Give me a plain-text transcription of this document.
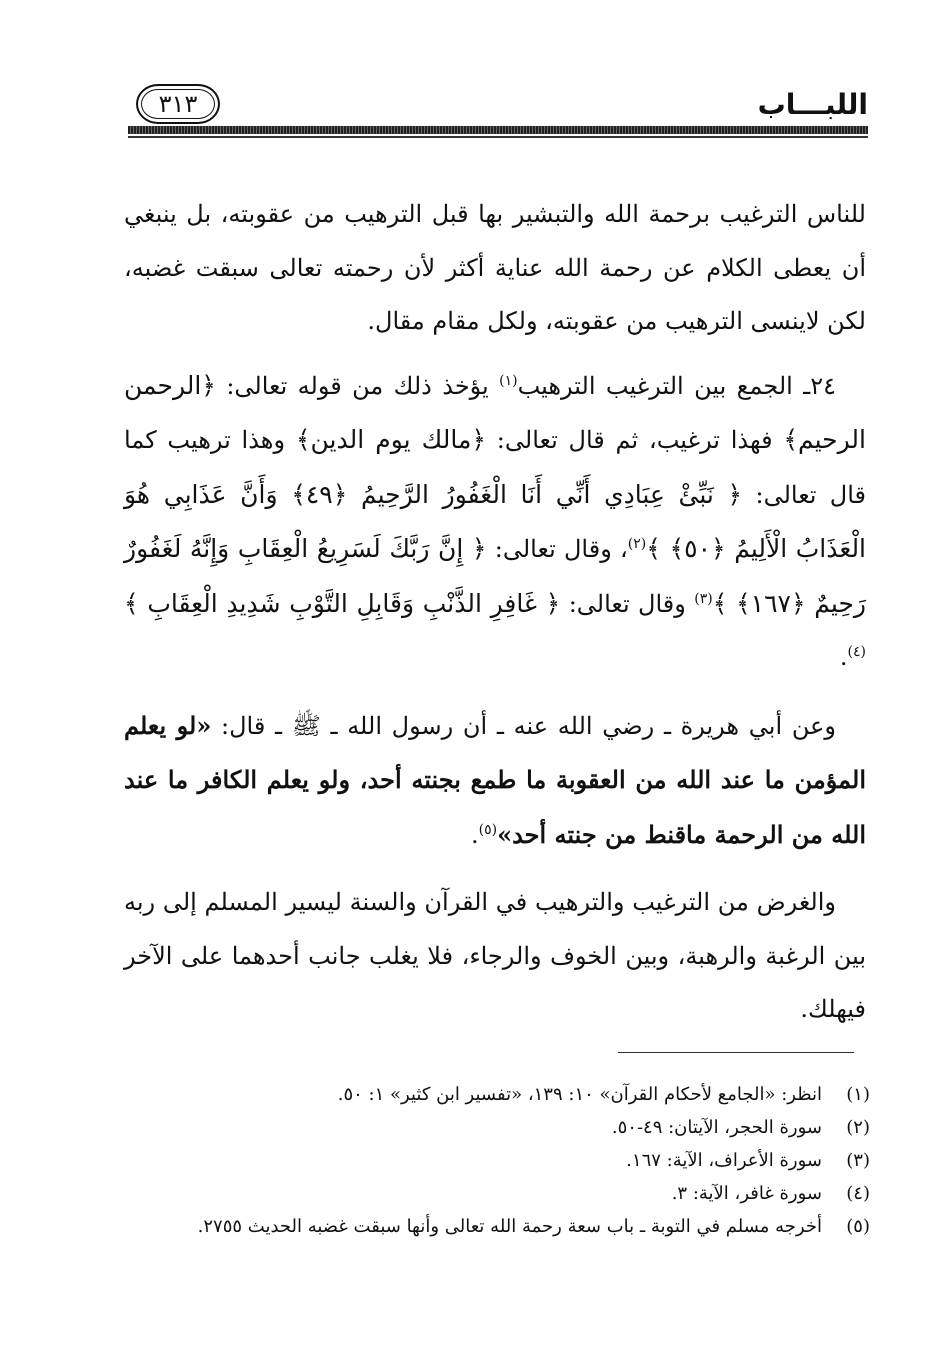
اللبـــاب
٣١٣

للناس الترغيب برحمة الله والتبشير بها قبل الترهيب من عقوبته، بل ينبغي أن يعطى الكلام عن رحمة الله عناية أكثر لأن رحمته تعالى سبقت غضبه، لكن لاينسى الترهيب من عقوبته، ولكل مقام مقال.

٢٤ـ الجمع بين الترغيب الترهيب$^{(١)}$ يؤخذ ذلك من قوله تعالى: ﴿الرحمن الرحيم﴾ فهذا ترغيب، ثم قال تعالى: ﴿مالك يوم الدين﴾ وهذا ترهيب كما قال تعالى: ﴿ نَبِّئْ عِبَادِي أَنِّي أَنَا الْغَفُورُ الرَّحِيمُ ﴿٤٩﴾ وَأَنَّ عَذَابِي هُوَ الْعَذَابُ الْأَلِيمُ ﴿٥٠﴾ ﴾$^{(٢)}$، وقال تعالى: ﴿ إِنَّ رَبَّكَ لَسَرِيعُ الْعِقَابِ وَإِنَّهُ لَغَفُورٌ رَحِيمٌ ﴿١٦٧﴾ ﴾$^{(٣)}$ وقال تعالى: ﴿ غَافِرِ الذَّنْبِ وَقَابِلِ التَّوْبِ شَدِيدِ الْعِقَابِ ﴾$^{(٤)}$.

وعن أبي هريرة ـ رضي الله عنه ـ أن رسول الله ـ ﷺ ـ قال: «لو يعلم المؤمن ما عند الله من العقوبة ما طمع بجنته أحد، ولو يعلم الكافر ما عند الله من الرحمة ماقنط من جنته أحد»$^{(٥)}$.

والغرض من الترغيب والترهيب في القرآن والسنة ليسير المسلم إلى ربه بين الرغبة والرهبة، وبين الخوف والرجاء، فلا يغلب جانب أحدهما على الآخر فيهلك.

(١)
انظر: «الجامع لأحكام القرآن» ١٠: ١٣٩، «تفسير ابن كثير» ١: ٥٠.
(٢)
سورة الحجر، الآيتان: ٤٩-٥٠.
(٣)
سورة الأعراف، الآية: ١٦٧.
(٤)
سورة غافر، الآية: ٣.
(٥)
أخرجه مسلم في التوبة ـ باب سعة رحمة الله تعالى وأنها سبقت غضبه الحديث ٢٧٥٥.
